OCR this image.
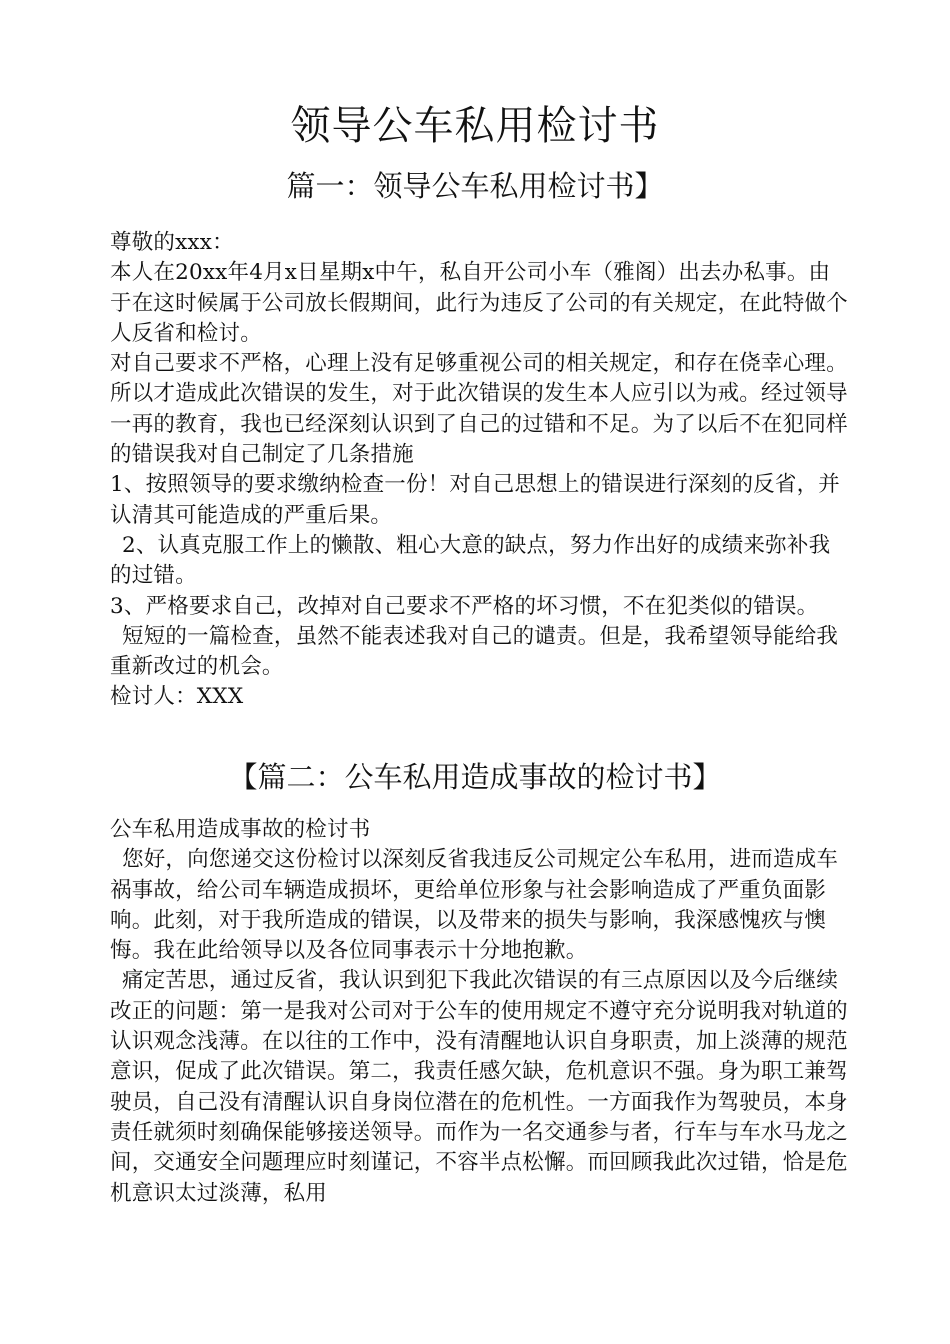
领导公车私用检讨书
篇一：领导公车私用检讨书】

尊敬的xxx：

本人在20xx年4月x日星期x中午，私自开公司小车（雅阁）出去办私事。由于在这时候属于公司放长假期间，此行为违反了公司的有关规定，在此特做个人反省和检讨。

对自己要求不严格，心理上没有足够重视公司的相关规定，和存在侥幸心理。所以才造成此次错误的发生，对于此次错误的发生本人应引以为戒。经过领导一再的教育，我也已经深刻认识到了自己的过错和不足。为了以后不在犯同样的错误我对自己制定了几条措施

1、按照领导的要求缴纳检查一份！对自己思想上的错误进行深刻的反省，并认清其可能造成的严重后果。

2、认真克服工作上的懒散、粗心大意的缺点，努力作出好的成绩来弥补我的过错。

3、严格要求自己，改掉对自己要求不严格的坏习惯，不在犯类似的错误。

短短的一篇检查，虽然不能表述我对自己的谴责。但是，我希望领导能给我重新改过的机会。

检讨人：XXX

【篇二：公车私用造成事故的检讨书】

公车私用造成事故的检讨书

您好，向您递交这份检讨以深刻反省我违反公司规定公车私用，进而造成车祸事故，给公司车辆造成损坏，更给单位形象与社会影响造成了严重负面影响。此刻，对于我所造成的错误，以及带来的损失与影响，我深感愧疚与懊悔。我在此给领导以及各位同事表示十分地抱歉。

痛定苦思，通过反省，我认识到犯下我此次错误的有三点原因以及今后继续改正的问题：第一是我对公司对于公车的使用规定不遵守充分说明我对轨道的认识观念浅薄。在以往的工作中，没有清醒地认识自身职责，加上淡薄的规范意识，促成了此次错误。第二，我责任感欠缺，危机意识不强。身为职工兼驾驶员，自己没有清醒认识自身岗位潜在的危机性。一方面我作为驾驶员，本身责任就须时刻确保能够接送领导。而作为一名交通参与者，行车与车水马龙之间，交通安全问题理应时刻谨记，不容半点松懈。而回顾我此次过错，恰是危机意识太过淡薄，私用
